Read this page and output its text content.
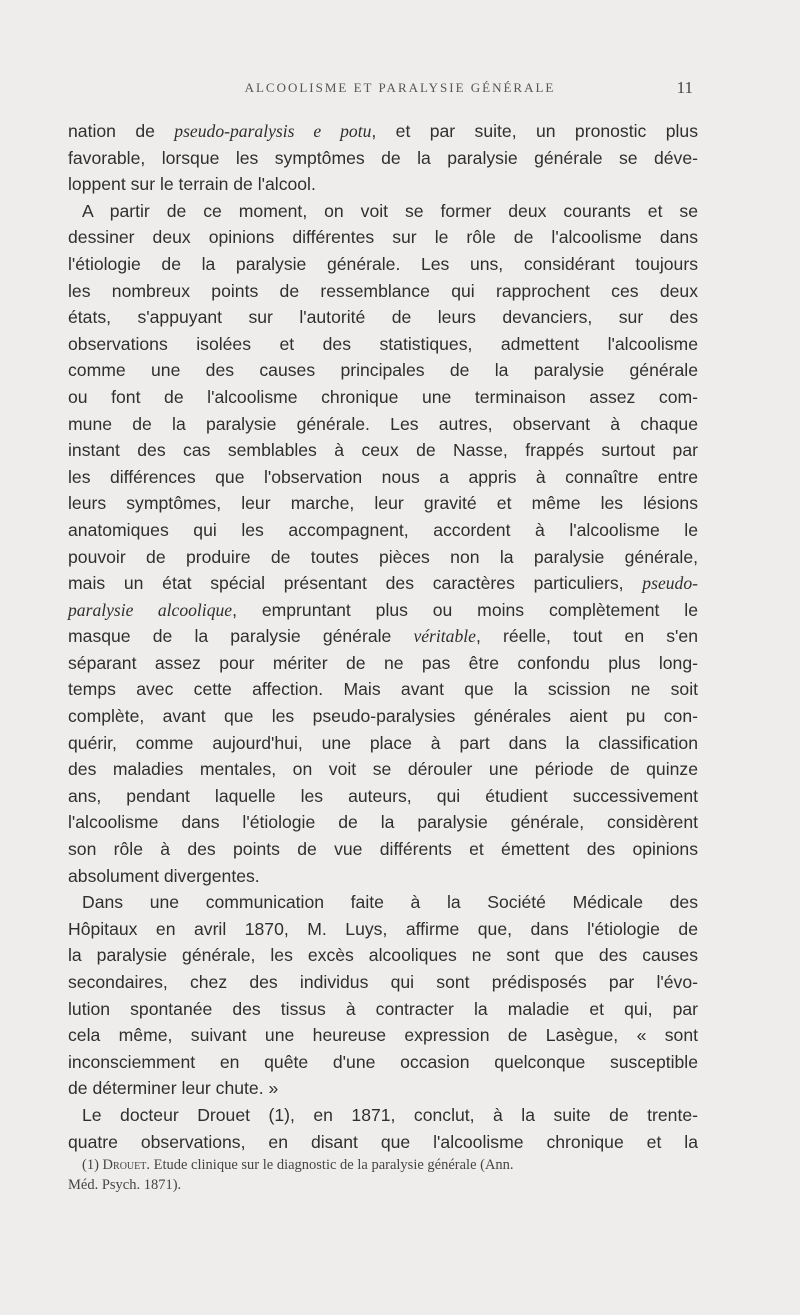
ALCOOLISME ET PARALYSIE GÉNÉRALE	11
nation de pseudo-paralysis e potu, et par suite, un pronostic plus
favorable, lorsque les symptômes de la paralysie générale se déve-
loppent sur le terrain de l'alcool.
A partir de ce moment, on voit se former deux courants et se
dessiner deux opinions différentes sur le rôle de l'alcoolisme dans
l'étiologie de la paralysie générale. Les uns, considérant toujours
les nombreux points de ressemblance qui rapprochent ces deux
états, s'appuyant sur l'autorité de leurs devanciers, sur des
observations isolées et des statistiques, admettent l'alcoolisme
comme une des causes principales de la paralysie générale
ou font de l'alcoolisme chronique une terminaison assez com-
mune de la paralysie générale. Les autres, observant à chaque
instant des cas semblables à ceux de Nasse, frappés surtout par
les différences que l'observation nous a appris à connaître entre
leurs symptômes, leur marche, leur gravité et même les lésions
anatomiques qui les accompagnent, accordent à l'alcoolisme le
pouvoir de produire de toutes pièces non la paralysie générale,
mais un état spécial présentant des caractères particuliers, pseudo-
paralysie alcoolique, empruntant plus ou moins complètement le
masque de la paralysie générale véritable, réelle, tout en s'en
séparant assez pour mériter de ne pas être confondu plus long-
temps avec cette affection. Mais avant que la scission ne soit
complète, avant que les pseudo-paralysies générales aient pu con-
quérir, comme aujourd'hui, une place à part dans la classification
des maladies mentales, on voit se dérouler une période de quinze
ans, pendant laquelle les auteurs, qui étudient successivement
l'alcoolisme dans l'étiologie de la paralysie générale, considèrent
son rôle à des points de vue différents et émettent des opinions
absolument divergentes.
Dans une communication faite à la Société Médicale des
Hôpitaux en avril 1870, M. Luys, affirme que, dans l'étiologie de
la paralysie générale, les excès alcooliques ne sont que des causes
secondaires, chez des individus qui sont prédisposés par l'évo-
lution spontanée des tissus à contracter la maladie et qui, par
cela même, suivant une heureuse expression de Lasègue, « sont
inconsciemment en quête d'une occasion quelconque susceptible
de déterminer leur chute. »
Le docteur Drouet (1), en 1871, conclut, à la suite de trente-
quatre observations, en disant que l'alcoolisme chronique et la
(1) Drouet. Etude clinique sur le diagnostic de la paralysie générale (Ann.
Méd. Psych. 1871).
